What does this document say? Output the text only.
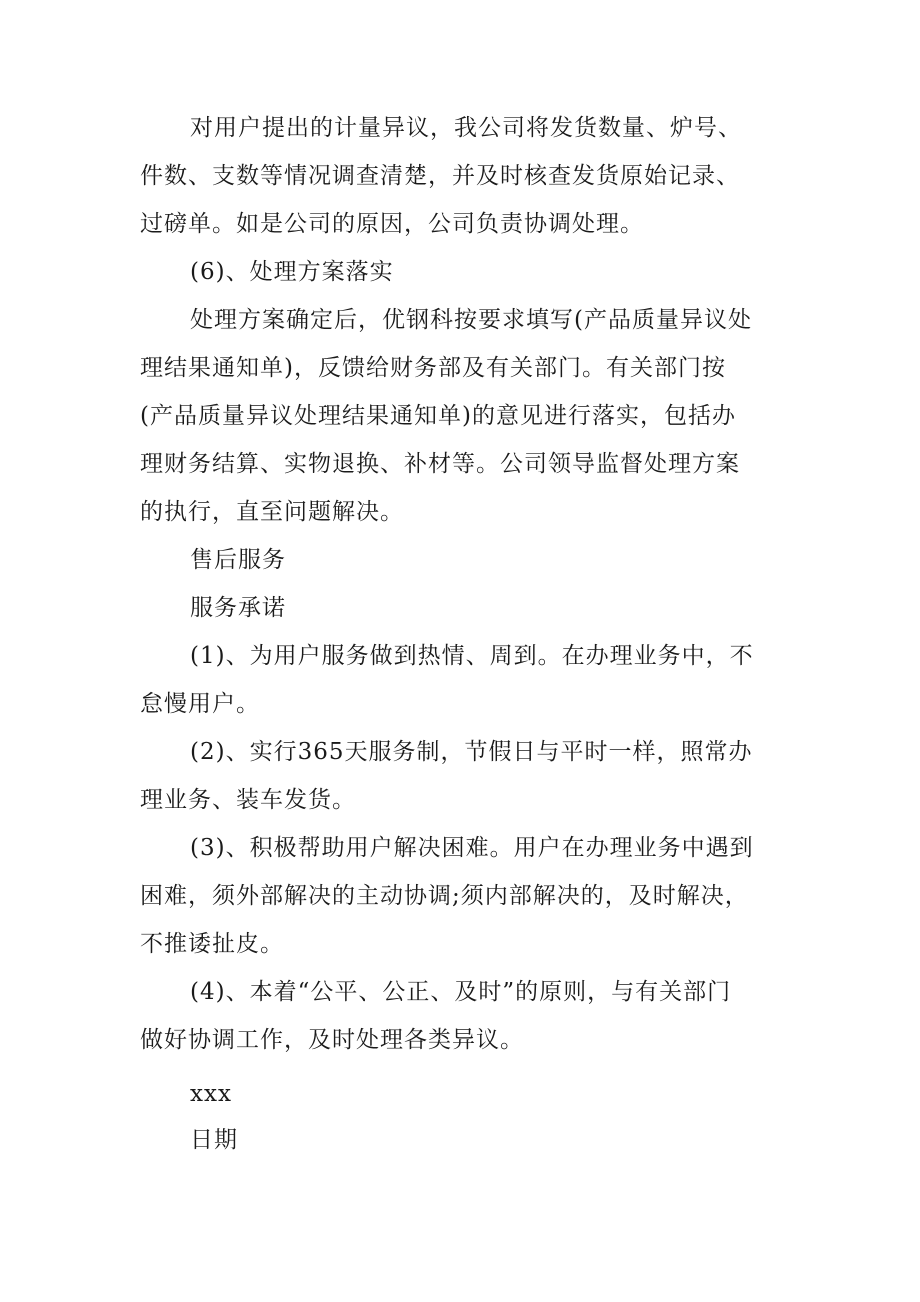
对用户提出的计量异议，我公司将发货数量、炉号、
件数、支数等情况调查清楚，并及时核查发货原始记录、
过磅单。如是公司的原因，公司负责协调处理。
(6)、处理方案落实
处理方案确定后，优钢科按要求填写(产品质量异议处
理结果通知单)，反馈给财务部及有关部门。有关部门按
(产品质量异议处理结果通知单)的意见进行落实，包括办
理财务结算、实物退换、补材等。公司领导监督处理方案
的执行，直至问题解决。
售后服务
服务承诺
(1)、为用户服务做到热情、周到。在办理业务中，不
怠慢用户。
(2)、实行365天服务制，节假日与平时一样，照常办
理业务、装车发货。
(3)、积极帮助用户解决困难。用户在办理业务中遇到
困难，须外部解决的主动协调;须内部解决的，及时解决，
不推诿扯皮。
(4)、本着“公平、公正、及时”的原则，与有关部门
做好协调工作，及时处理各类异议。
xxx
日期
